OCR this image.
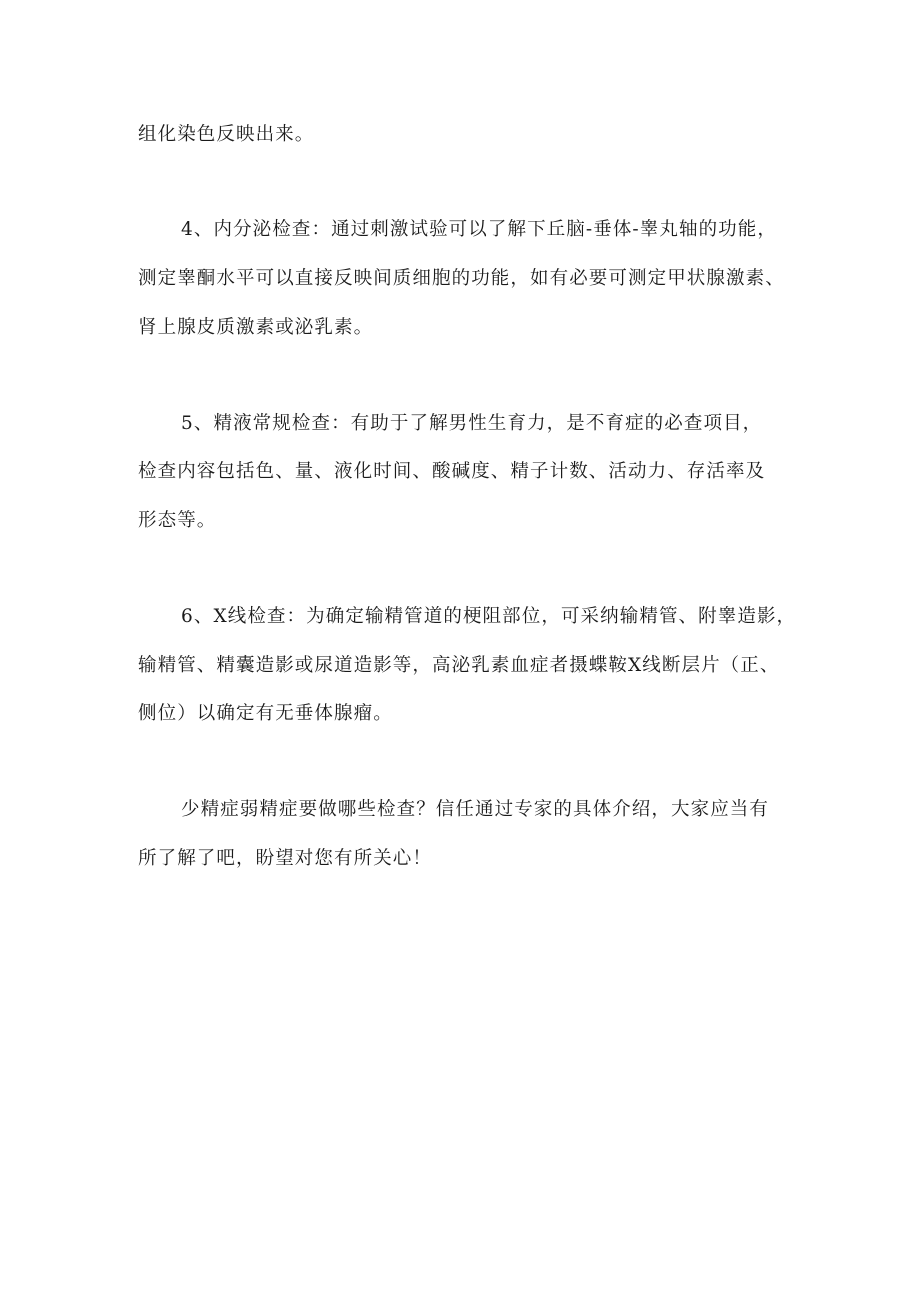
组化染色反映出来。
4、内分泌检查：通过刺激试验可以了解下丘脑-垂体-睾丸轴的功能，
测定睾酮水平可以直接反映间质细胞的功能，如有必要可测定甲状腺激素、
肾上腺皮质激素或泌乳素。
5、精液常规检查：有助于了解男性生育力，是不育症的必查项目，
检查内容包括色、量、液化时间、酸碱度、精子计数、活动力、存活率及
形态等。
6、X线检查：为确定输精管道的梗阻部位，可采纳输精管、附睾造影，
输精管、精囊造影或尿道造影等，高泌乳素血症者摄蝶鞍X线断层片（正、
侧位）以确定有无垂体腺瘤。
少精症弱精症要做哪些检查？信任通过专家的具体介绍，大家应当有
所了解了吧，盼望对您有所关心！
